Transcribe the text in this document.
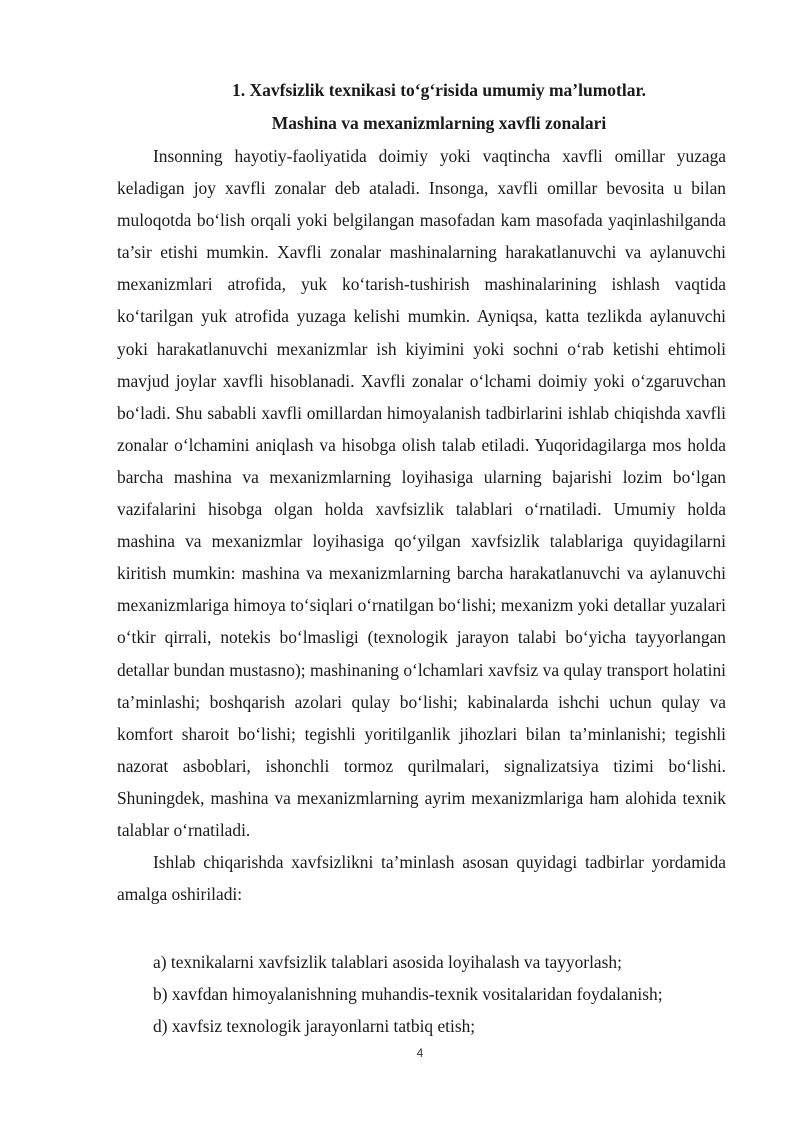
1. Xavfsizlik texnikasi to‘g‘risida umumiy ma’lumotlar.
Mashina va mexanizmlarning xavfli zonalari

Insonning hayotiy-faoliyatida doimiy yoki vaqtincha xavfli omillar yuzaga keladigan joy xavfli zonalar deb ataladi. Insonga, xavfli omillar bevosita u bilan muloqotda bo‘lish orqali yoki belgilangan masofadan kam masofada yaqinlashilganda ta’sir etishi mumkin. Xavfli zonalar mashinalarning harakatlanuvchi va aylanuvchi mexanizmlari atrofida, yuk ko‘tarish-tushirish mashinalarining ishlash vaqtida ko‘tarilgan yuk atrofida yuzaga kelishi mumkin. Ayniqsa, katta tezlikda aylanuvchi yoki harakatlanuvchi mexanizmlar ish kiyimini yoki sochni o‘rab ketishi ehtimoli mavjud joylar xavfli hisoblanadi. Xavfli zonalar o‘lchami doimiy yoki o‘zgaruvchan bo‘ladi. Shu sababli xavfli omillardan himoyalanish tadbirlarini ishlab chiqishda xavfli zonalar o‘lchamini aniqlash va hisobga olish talab etiladi. Yuqoridagilarga mos holda barcha mashina va mexanizmlarning loyihasiga ularning bajarishi lozim bo‘lgan vazifalarini hisobga olgan holda xavfsizlik talablari o‘rnatiladi. Umumiy holda mashina va mexanizmlar loyihasiga qo‘yilgan xavfsizlik talablariga quyidagilarni kiritish mumkin: mashina va mexanizmlarning barcha harakatlanuvchi va aylanuvchi mexanizmlariga himoya to‘siqlari o‘rnatilgan bo‘lishi; mexanizm yoki detallar yuzalari o‘tkir qirrali, notekis bo‘lmasligi (texnologik jarayon talabi bo‘yicha tayyorlangan detallar bundan mustasno); mashinaning o‘lchamlari xavfsiz va qulay transport holatini ta’minlashi; boshqarish azolari qulay bo‘lishi; kabinalarda ishchi uchun qulay va komfort sharoit bo‘lishi; tegishli yoritilganlik jihozlari bilan ta’minlanishi; tegishli nazorat asboblari, ishonchli tormoz qurilmalari, signalizatsiya tizimi bo‘lishi. Shuningdek, mashina va mexanizmlarning ayrim mexanizmlariga ham alohida texnik talablar o‘rnatiladi.

Ishlab chiqarishda xavfsizlikni ta’minlash asosan quyidagi tadbirlar yordamida amalga oshiriladi:

a) texnikalarni xavfsizlik talablari asosida loyihalash va tayyorlash;
b) xavfdan himoyalanishning muhandis-texnik vositalaridan foydalanish;
d) xavfsiz texnologik jarayonlarni tatbiq etish;
4
